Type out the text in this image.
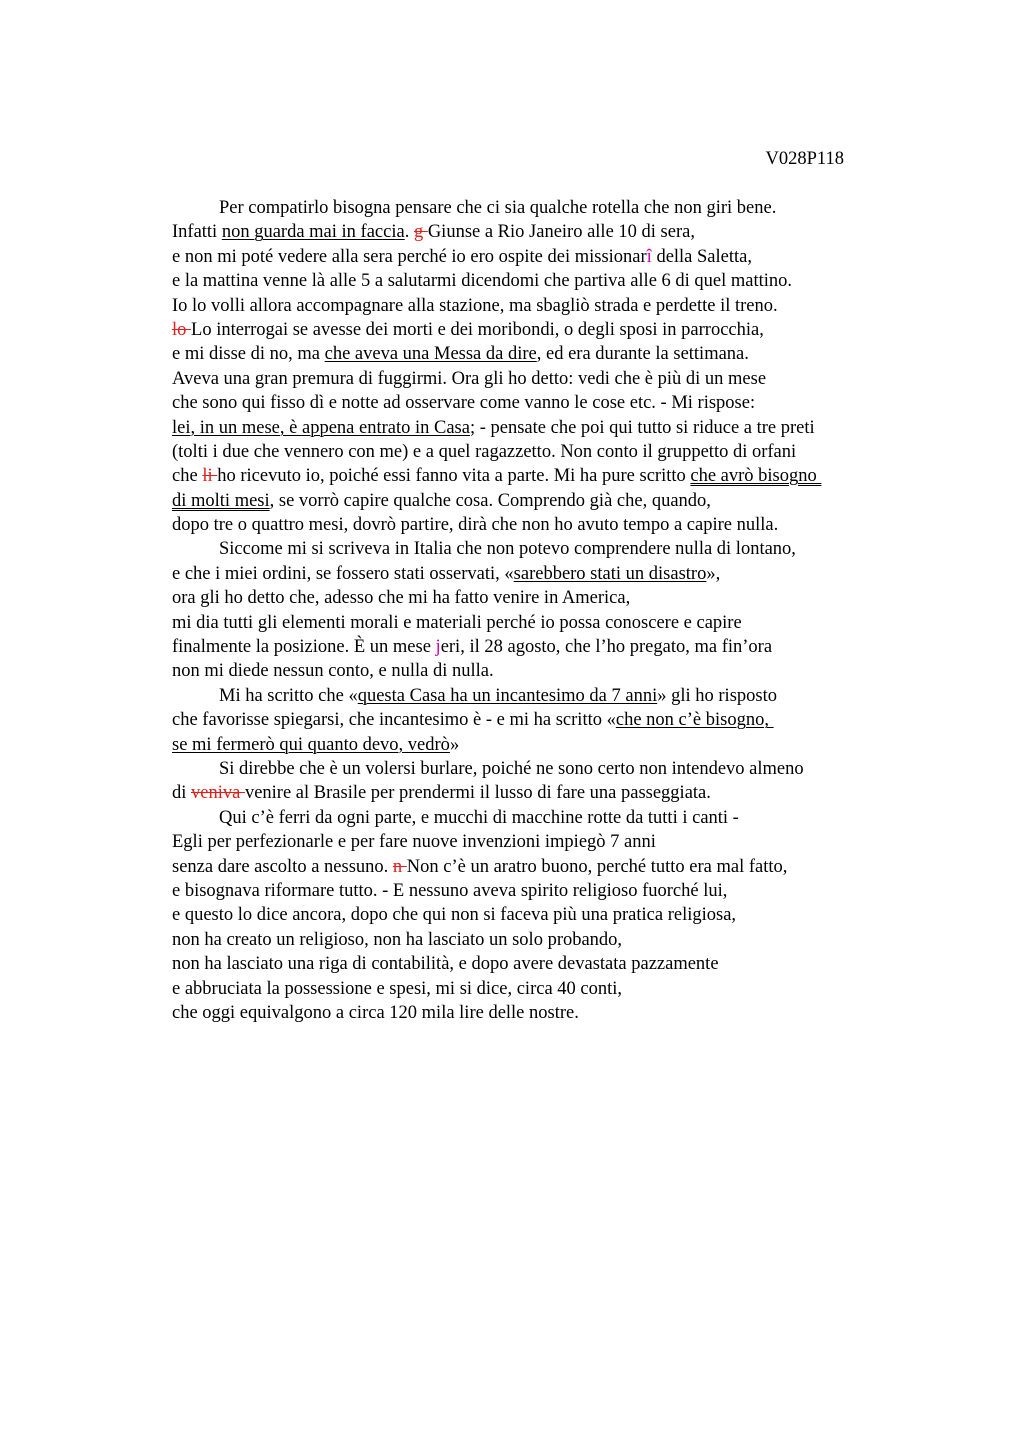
V028P118
Per compatirlo bisogna pensare che ci sia qualche rotella che non giri bene.
Infatti non guarda mai in faccia. g Giunse a Rio Janeiro alle 10 di sera,
e non mi poté vedere alla sera perché io ero ospite dei missionarî della Saletta,
e la mattina venne là alle 5 a salutarmi dicendomi che partiva alle 6 di quel mattino.
Io lo volli allora accompagnare alla stazione, ma sbagliò strada e perdette il treno.
lo Lo interrogai se avesse dei morti e dei moribondi, o degli sposi in parrocchia,
e mi disse di no, ma che aveva una Messa da dire, ed era durante la settimana.
Aveva una gran premura di fuggirmi. Ora gli ho detto: vedi che è più di un mese
che sono qui fisso dì e notte ad osservare come vanno le cose etc. - Mi rispose:
lei, in un mese, è appena entrato in Casa; - pensate che poi qui tutto si riduce a tre preti
(tolti i due che vennero con me) e a quel ragazzetto. Non conto il gruppetto di orfani
che li ho ricevuto io, poiché essi fanno vita a parte. Mi ha pure scritto che avrò bisogno
di molti mesi, se vorrò capire qualche cosa. Comprendo già che, quando,
dopo tre o quattro mesi, dovrò partire, dirà che non ho avuto tempo a capire nulla.
Siccome mi si scriveva in Italia che non potevo comprendere nulla di lontano,
e che i miei ordini, se fossero stati osservati, «sarebbero stati un disastro»,
ora gli ho detto che, adesso che mi ha fatto venire in America,
mi dia tutti gli elementi morali e materiali perché io possa conoscere e capire
finalmente la posizione. È un mese jeri, il 28 agosto, che l’ho pregato, ma fin’ora
non mi diede nessun conto, e nulla di nulla.
Mi ha scritto che «questa Casa ha un incantesimo da 7 anni» gli ho risposto
che favorisse spiegarsi, che incantesimo è - e mi ha scritto «che non c’è bisogno,
se mi fermerò qui quanto devo, vedrò»
Si direbbe che è un volersi burlare, poiché ne sono certo non intendevo almeno
di veniva venire al Brasile per prendermi il lusso di fare una passeggiata.
Qui c’è ferri da ogni parte, e mucchi di macchine rotte da tutti i canti -
Egli per perfezionarle e per fare nuove invenzioni impiegò 7 anni
senza dare ascolto a nessuno. n Non c’è un aratro buono, perché tutto era mal fatto,
e bisognava riformare tutto. - E nessuno aveva spirito religioso fuorché lui,
e questo lo dice ancora, dopo che qui non si faceva più una pratica religiosa,
non ha creato un religioso, non ha lasciato un solo probando,
non ha lasciato una riga di contabilità, e dopo avere devastata pazzamente
e abbruciata la possessione e spesi, mi si dice, circa 40 conti,
che oggi equivalgono a circa 120 mila lire delle nostre.
